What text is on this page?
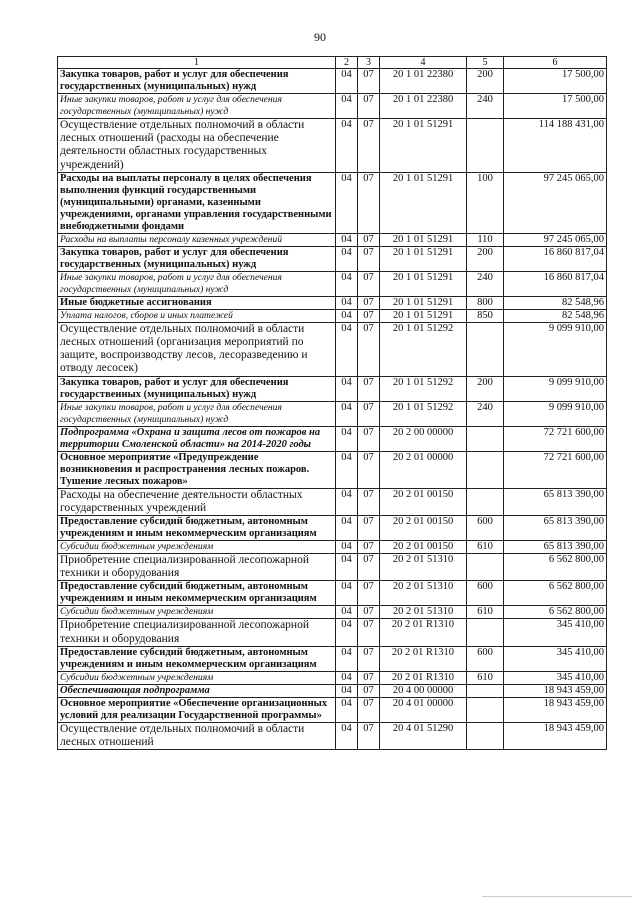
90
1	2	3	4	5	6
Закупка товаров, работ и услуг для обеспечения государственных (муниципальных) нужд	04	07	20 1 01 22380	200	17 500,00
Иные закупки товаров, работ и услуг для обеспечения государственных (муниципальных) нужд	04	07	20 1 01 22380	240	17 500,00
Осуществление отдельных полномочий в области лесных отношений (расходы на обеспечение деятельности областных государственных учреждений)	04	07	20 1 01 51291		114 188 431,00
Расходы на выплаты персоналу в целях обеспечения выполнения функций государственными (муниципальными) органами, казенными учреждениями, органами управления государственными внебюджетными фондами	04	07	20 1 01 51291	100	97 245 065,00
Расходы на выплаты персоналу казенных учреждений	04	07	20 1 01 51291	110	97 245 065,00
Закупка товаров, работ и услуг для обеспечения государственных (муниципальных) нужд	04	07	20 1 01 51291	200	16 860 817,04
Иные закупки товаров, работ и услуг для обеспечения государственных (муниципальных) нужд	04	07	20 1 01 51291	240	16 860 817,04
Иные бюджетные ассигнования	04	07	20 1 01 51291	800	82 548,96
Уплата налогов, сборов и иных платежей	04	07	20 1 01 51291	850	82 548,96
Осуществление отдельных полномочий в области лесных отношений (организация мероприятий по защите, воспроизводству лесов, лесоразведению и отводу лесосек)	04	07	20 1 01 51292		9 099 910,00
Закупка товаров, работ и услуг для обеспечения государственных (муниципальных) нужд	04	07	20 1 01 51292	200	9 099 910,00
Иные закупки товаров, работ и услуг для обеспечения государственных (муниципальных) нужд	04	07	20 1 01 51292	240	9 099 910,00
Подпрограмма «Охрана и защита лесов от пожаров на территории Смоленской области» на 2014-2020 годы	04	07	20 2 00 00000		72 721 600,00
Основное мероприятие «Предупреждение возникновения и распространения лесных пожаров. Тушение лесных пожаров»	04	07	20 2 01 00000		72 721 600,00
Расходы на обеспечение деятельности областных государственных учреждений	04	07	20 2 01 00150		65 813 390,00
Предоставление субсидий бюджетным, автономным учреждениям и иным некоммерческим организациям	04	07	20 2 01 00150	600	65 813 390,00
Субсидии бюджетным учреждениям	04	07	20 2 01 00150	610	65 813 390,00
Приобретение специализированной лесопожарной техники и оборудования	04	07	20 2 01 51310		6 562 800,00
Предоставление субсидий бюджетным, автономным учреждениям и иным некоммерческим организациям	04	07	20 2 01 51310	600	6 562 800,00
Субсидии бюджетным учреждениям	04	07	20 2 01 51310	610	6 562 800,00
Приобретение специализированной лесопожарной техники и оборудования	04	07	20 2 01 R1310		345 410,00
Предоставление субсидий бюджетным, автономным учреждениям и иным некоммерческим организациям	04	07	20 2 01 R1310	600	345 410,00
Субсидии бюджетным учреждениям	04	07	20 2 01 R1310	610	345 410,00
Обеспечивающая подпрограмма	04	07	20 4 00 00000		18 943 459,00
Основное мероприятие «Обеспечение организационных условий для реализации Государственной программы»	04	07	20 4 01 00000		18 943 459,00
Осуществление отдельных полномочий в области лесных отношений	04	07	20 4 01 51290		18 943 459,00
